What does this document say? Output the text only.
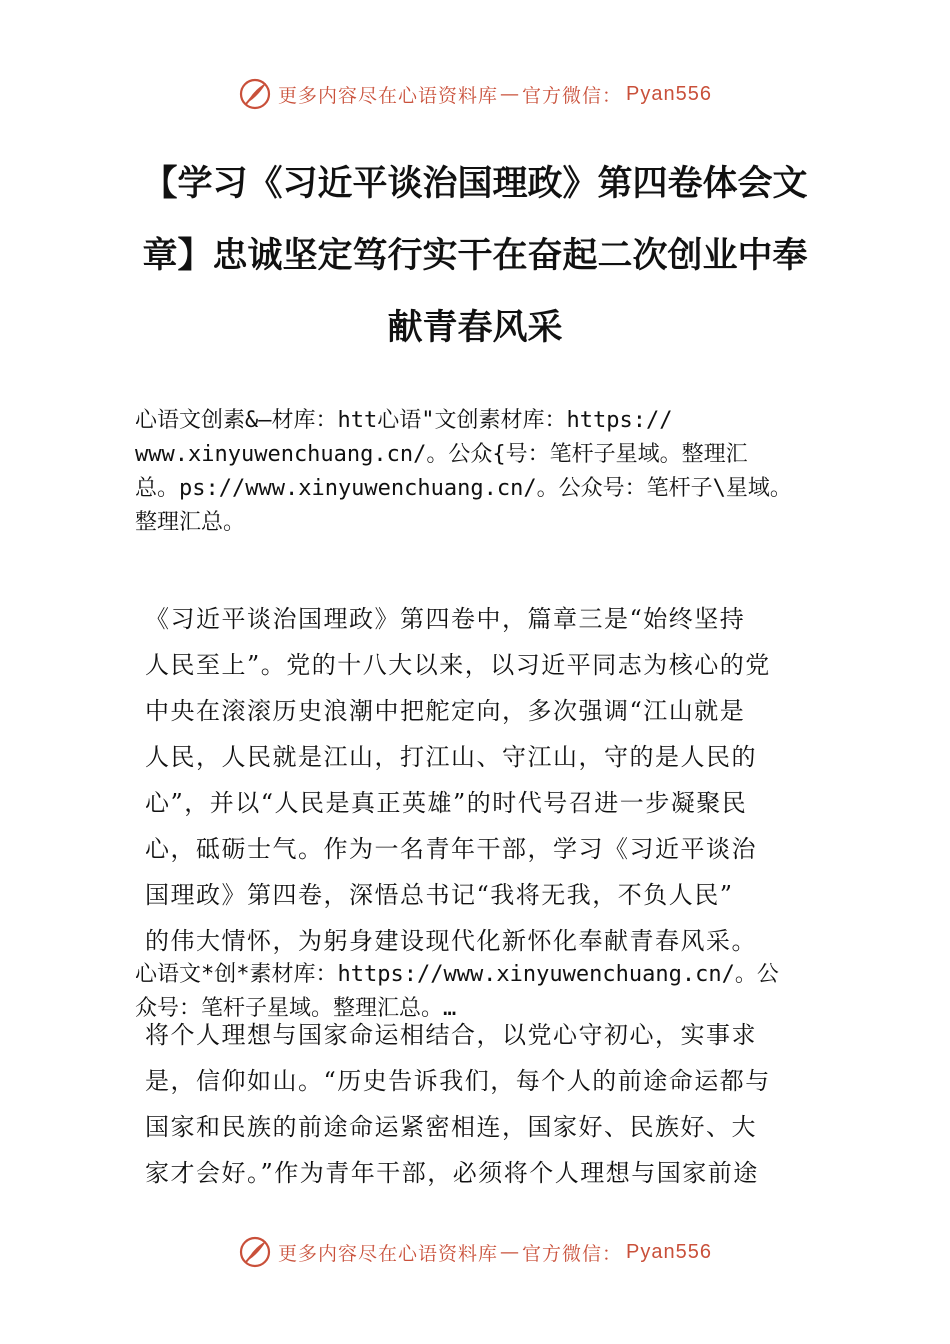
更多内容尽在心语资料库 — 官方微信： Pyan556
【学习《习近平谈治国理政》第四卷体会文
章】忠诚坚定笃行实干在奋起二次创业中奉
献青春风采
心语文创素&—材库：htt心语"文创素材库：https://
www.xinyuwenchuang.cn/。公众{号：笔杆子星域。整理汇
总。ps://www.xinyuwenchuang.cn/。公众号：笔杆子\星域。
整理汇总。
《习近平谈治国理政》第四卷中，篇章三是“始终坚持
人民至上”。党的十八大以来，以习近平同志为核心的党
中央在滚滚历史浪潮中把舵定向，多次强调“江山就是
人民，人民就是江山，打江山、守江山，守的是人民的
心”，并以“人民是真正英雄”的时代号召进一步凝聚民
心，砥砺士气。作为一名青年干部，学习《习近平谈治
国理政》第四卷，深悟总书记“我将无我，不负人民”
的伟大情怀，为躬身建设现代化新怀化奉献青春风采。
心语文*创*素材库：https://www.xinyuwenchuang.cn/。公
众号：笔杆子星域。整理汇总。…
将个人理想与国家命运相结合，以党心守初心，实事求
是，信仰如山。“历史告诉我们，每个人的前途命运都与
国家和民族的前途命运紧密相连，国家好、民族好、大
家才会好。”作为青年干部，必须将个人理想与国家前途
更多内容尽在心语资料库 — 官方微信： Pyan556
